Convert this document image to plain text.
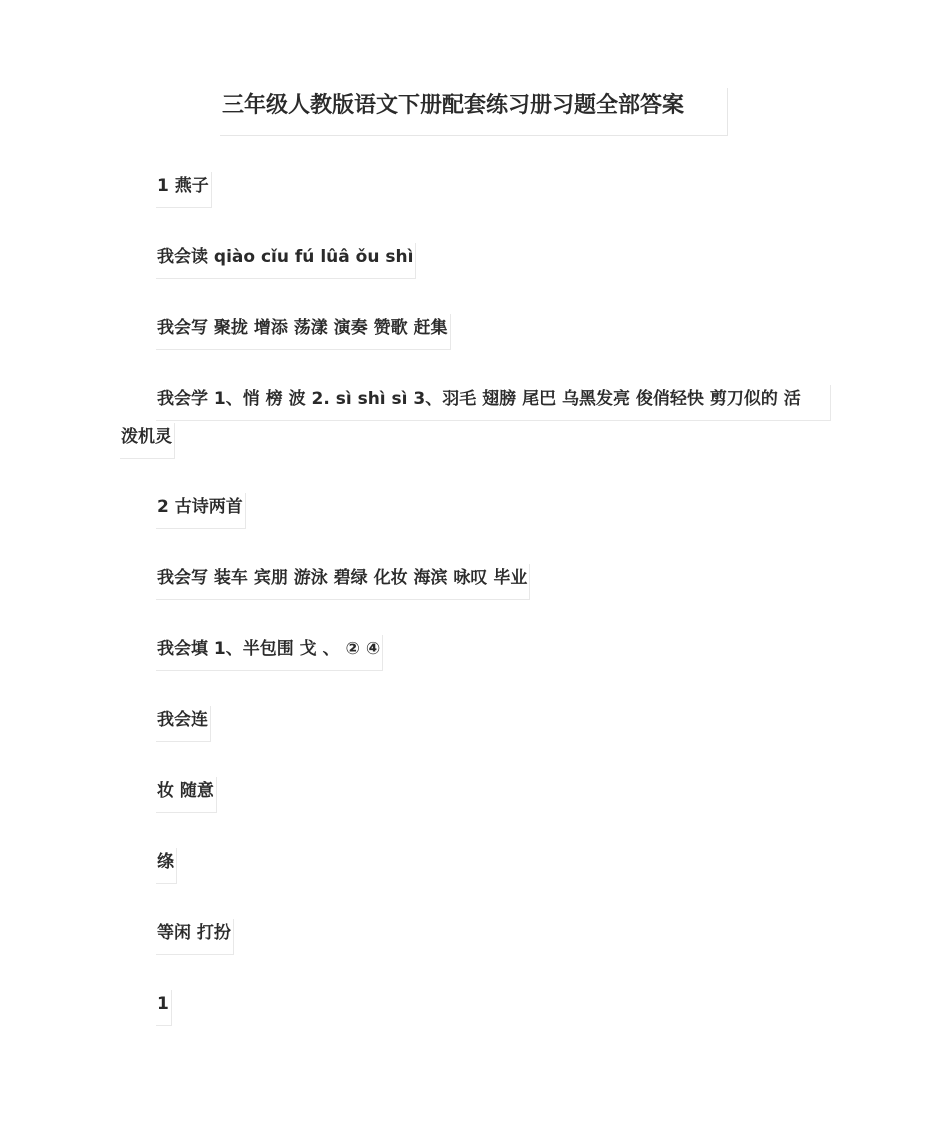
三年级人教版语文下册配套练习册习题全部答案
1 燕子
我会读 qiào cǐu fú lûâ ǒu shì
我会写 聚拢 增添 荡漾 演奏 赞歌 赶集
我会学 1、悄 榜 波 2. sì shì sì 3、羽毛 翅膀 尾巴 乌黑发亮 俊俏轻快 剪刀似的 活
泼机灵
2 古诗两首
我会写 装车 宾朋 游泳 碧绿 化妆 海滨 咏叹 毕业
我会填 1、半包围 戈 、 ② ④
我会连
妆 随意
绦
等闲 打扮
1
